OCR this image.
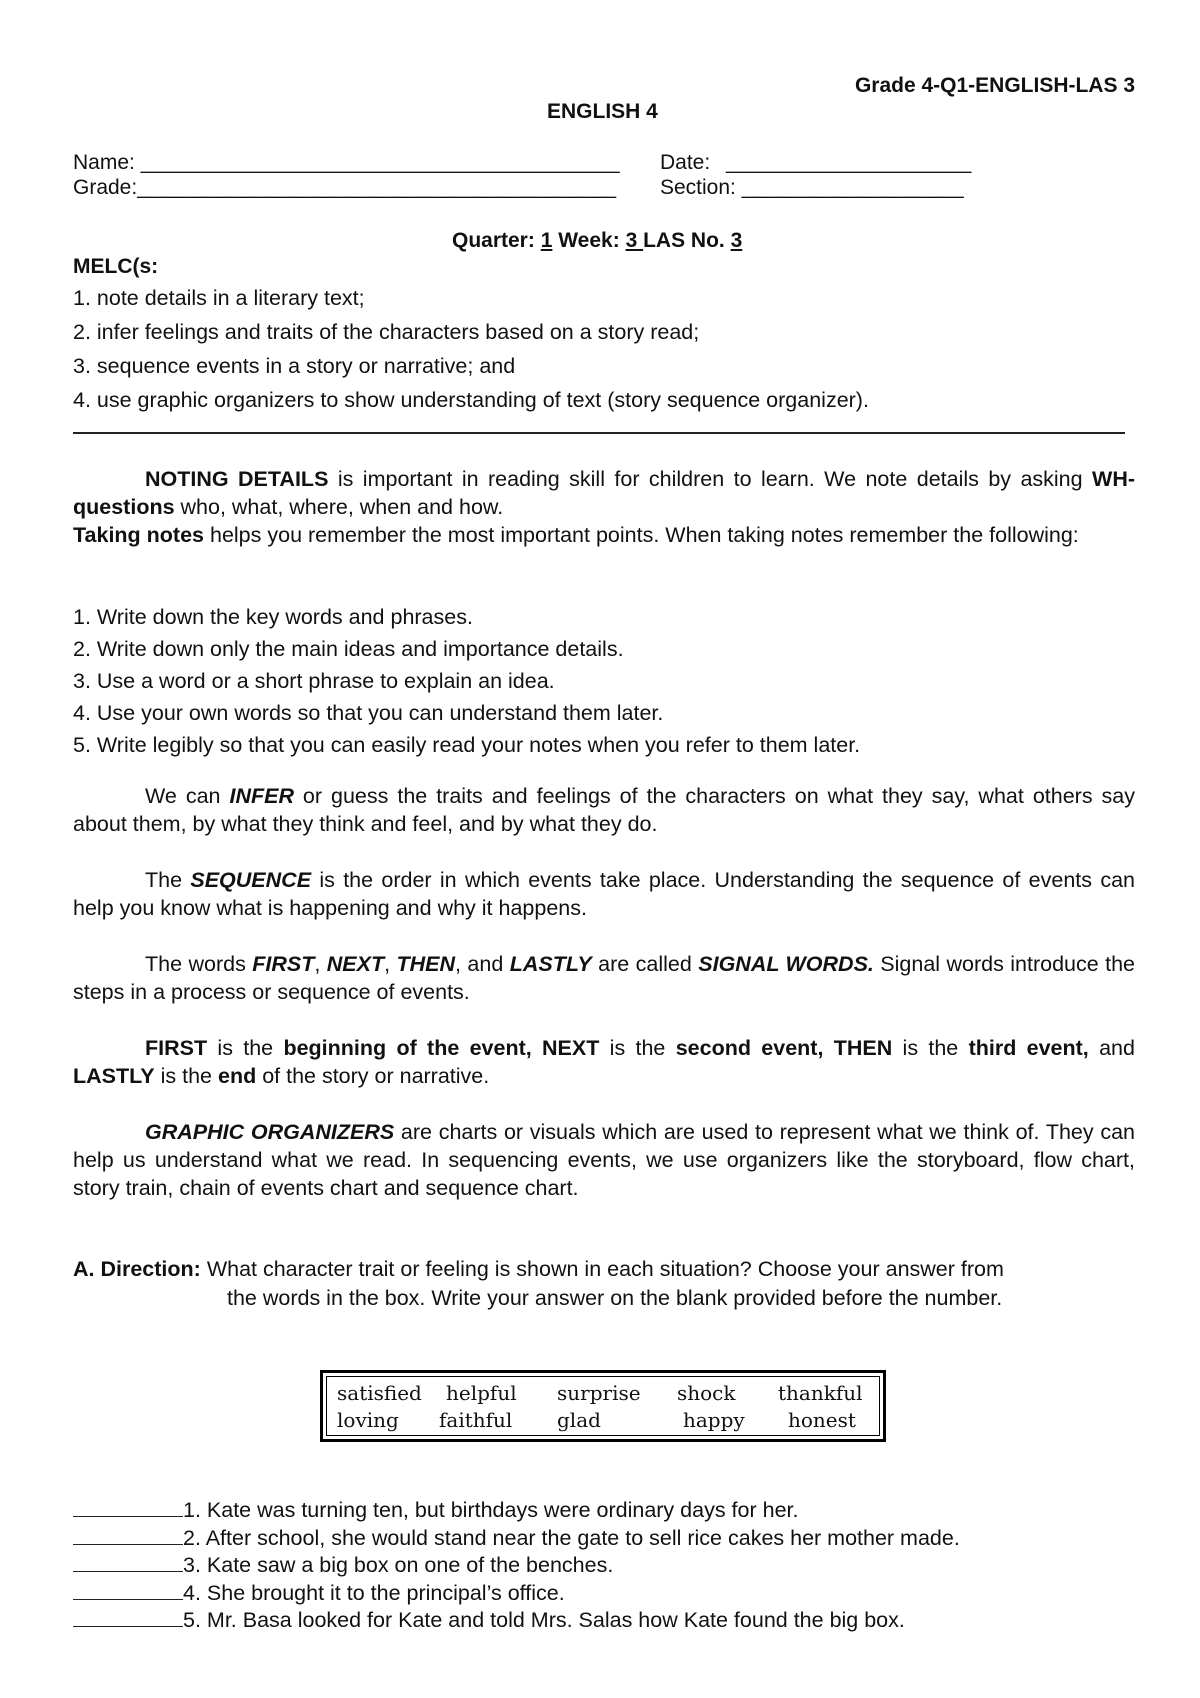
Grade 4-Q1-ENGLISH-LAS 3
ENGLISH 4
Name: _________________________________________ Date: _____________________
Grade:_________________________________________ Section: ___________________
Quarter: 1 Week: 3 LAS No. 3
MELC(s:
1. note details in a literary text;
2. infer feelings and traits of the characters based on a story read;
3. sequence events in a story or narrative; and
4. use graphic organizers to show understanding of text (story sequence organizer).
NOTING DETAILS is important in reading skill for children to learn. We note details by asking WH-questions who, what, where, when and how.
Taking notes helps you remember the most important points. When taking notes remember the following:
1. Write down the key words and phrases.
2. Write down only the main ideas and importance details.
3. Use a word or a short phrase to explain an idea.
4. Use your own words so that you can understand them later.
5. Write legibly so that you can easily read your notes when you refer to them later.
We can INFER or guess the traits and feelings of the characters on what they say, what others say about them, by what they think and feel, and by what they do.
The SEQUENCE is the order in which events take place. Understanding the sequence of events can help you know what is happening and why it happens.
The words FIRST, NEXT, THEN, and LASTLY are called SIGNAL WORDS. Signal words introduce the steps in a process or sequence of events.
FIRST is the beginning of the event, NEXT is the second event, THEN is the third event, and LASTLY is the end of the story or narrative.
GRAPHIC ORGANIZERS are charts or visuals which are used to represent what we think of. They can help us understand what we read. In sequencing events, we use organizers like the storyboard, flow chart, story train, chain of events chart and sequence chart.
A. Direction: What character trait or feeling is shown in each situation? Choose your answer from
the words in the box. Write your answer on the blank provided before the number.
satisfied helpful surprise shock thankful
loving faithful glad	happy honest
1. Kate was turning ten, but birthdays were ordinary days for her.
2. After school, she would stand near the gate to sell rice cakes her mother made.
3. Kate saw a big box on one of the benches.
4. She brought it to the principal’s office.
5. Mr. Basa looked for Kate and told Mrs. Salas how Kate found the big box.
